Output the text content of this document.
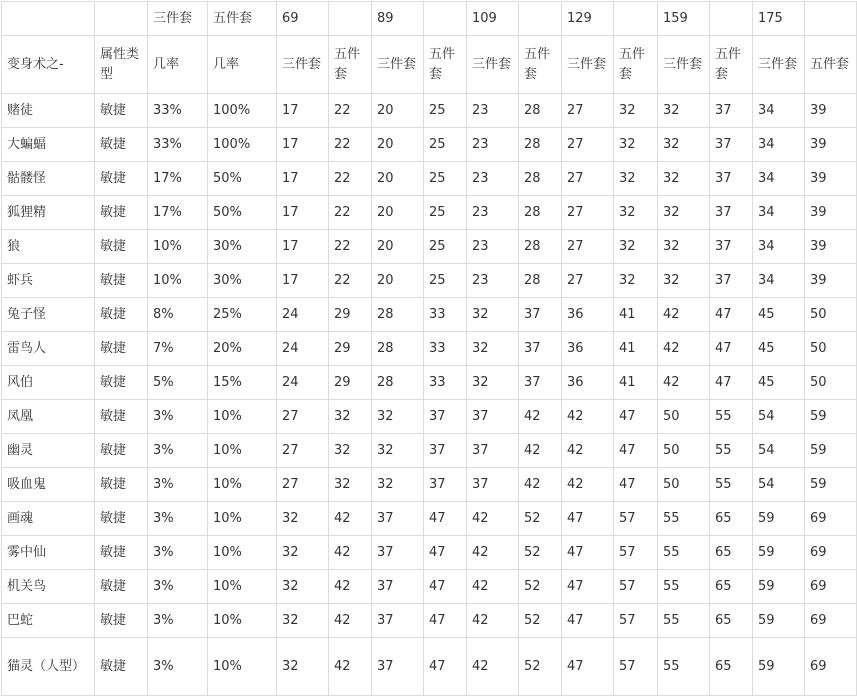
		三件套	五件套	69		89		109		129		159		175	
变身术之-	属性类型	几率	几率	三件套	五件套	三件套	五件套	三件套	五件套	三件套	五件套	三件套	五件套	三件套	五件套
赌徒	敏捷	33%	100%	17	22	20	25	23	28	27	32	32	37	34	39
大蝙蝠	敏捷	33%	100%	17	22	20	25	23	28	27	32	32	37	34	39
骷髅怪	敏捷	17%	50%	17	22	20	25	23	28	27	32	32	37	34	39
狐狸精	敏捷	17%	50%	17	22	20	25	23	28	27	32	32	37	34	39
狼	敏捷	10%	30%	17	22	20	25	23	28	27	32	32	37	34	39
虾兵	敏捷	10%	30%	17	22	20	25	23	28	27	32	32	37	34	39
兔子怪	敏捷	8%	25%	24	29	28	33	32	37	36	41	42	47	45	50
雷鸟人	敏捷	7%	20%	24	29	28	33	32	37	36	41	42	47	45	50
风伯	敏捷	5%	15%	24	29	28	33	32	37	36	41	42	47	45	50
凤凰	敏捷	3%	10%	27	32	32	37	37	42	42	47	50	55	54	59
幽灵	敏捷	3%	10%	27	32	32	37	37	42	42	47	50	55	54	59
吸血鬼	敏捷	3%	10%	27	32	32	37	37	42	42	47	50	55	54	59
画魂	敏捷	3%	10%	32	42	37	47	42	52	47	57	55	65	59	69
雾中仙	敏捷	3%	10%	32	42	37	47	42	52	47	57	55	65	59	69
机关鸟	敏捷	3%	10%	32	42	37	47	42	52	47	57	55	65	59	69
巴蛇	敏捷	3%	10%	32	42	37	47	42	52	47	57	55	65	59	69
猫灵（人型）	敏捷	3%	10%	32	42	37	47	42	52	47	57	55	65	59	69
